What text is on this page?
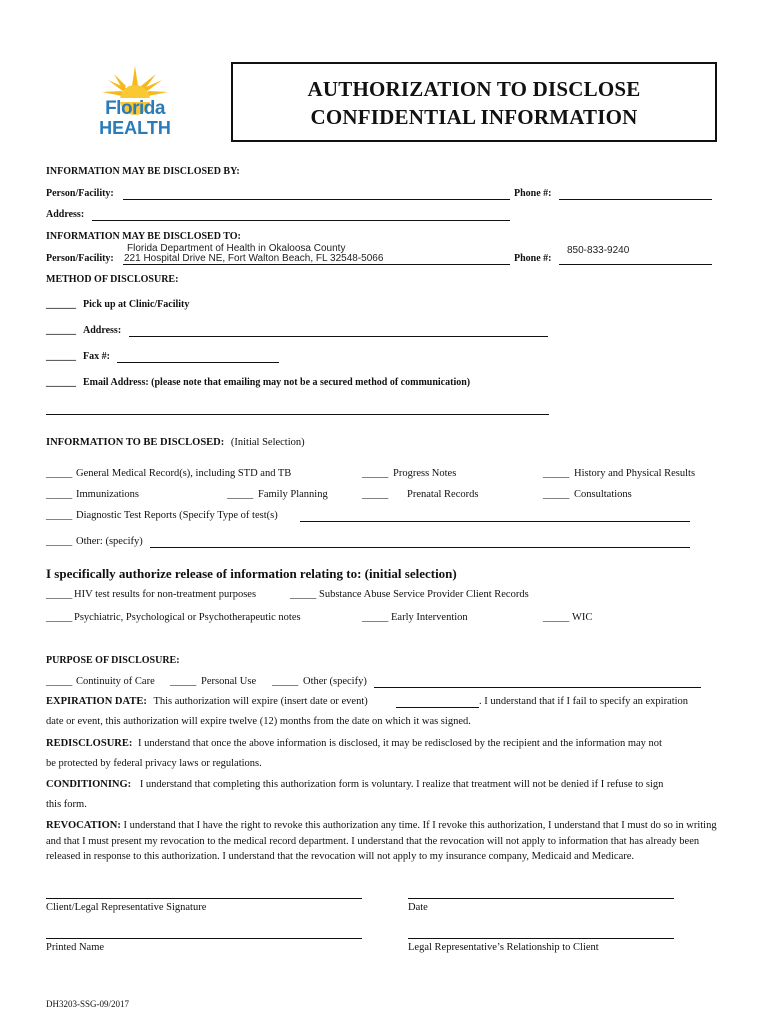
Florida
HEALTH
AUTHORIZATION TO DISCLOSE
CONFIDENTIAL INFORMATION
INFORMATION MAY BE DISCLOSED BY:
Person/Facility:	Phone #:
Address:
INFORMATION MAY BE DISCLOSED TO:
Florida Department of Health in Okaloosa County
Person/Facility: 221 Hospital Drive NE, Fort Walton Beach, FL 32548-5066	Phone #:
850-833-9240
METHOD OF DISCLOSURE:
______ Pick up at Clinic/Facility
______ Address:
______ Fax #:
______ Email Address: (please note that emailing may not be a secured method of communication)
INFORMATION TO BE DISCLOSED: (Initial Selection)
_____ General Medical Record(s), including STD and TB	_____ Progress Notes	_____ History and Physical Results
_____ Immunizations	_____ Family Planning	_____ Prenatal Records	_____ Consultations
_____ Diagnostic Test Reports (Specify Type of test(s)
_____ Other: (specify)
I specifically authorize release of information relating to: (initial selection)
_____ HIV test results for non-treatment purposes	_____ Substance Abuse Service Provider Client Records
_____ Psychiatric, Psychological or Psychotherapeutic notes	_____ Early Intervention	_____ WIC
PURPOSE OF DISCLOSURE:
_____ Continuity of Care _____ Personal Use _____ Other (specify)
EXPIRATION DATE: This authorization will expire (insert date or event)	. I understand that if I fail to specify an expiration
date or event, this authorization will expire twelve (12) months from the date on which it was signed.
REDISCLOSURE: I understand that once the above information is disclosed, it may be redisclosed by the recipient and the information may not
be protected by federal privacy laws or regulations.
CONDITIONING: I understand that completing this authorization form is voluntary. I realize that treatment will not be denied if I refuse to sign
this form.
REVOCATION: I understand that I have the right to revoke this authorization any time. If I revoke this authorization, I understand that I must do so in writing and that I must present my revocation to the medical record department. I understand that the revocation will not apply to information that has already been released in response to this authorization. I understand that the revocation will not apply to my insurance company, Medicaid and Medicare.
Client/Legal Representative Signature	Date
Printed Name	Legal Representative’s Relationship to Client
DH3203-SSG-09/2017
